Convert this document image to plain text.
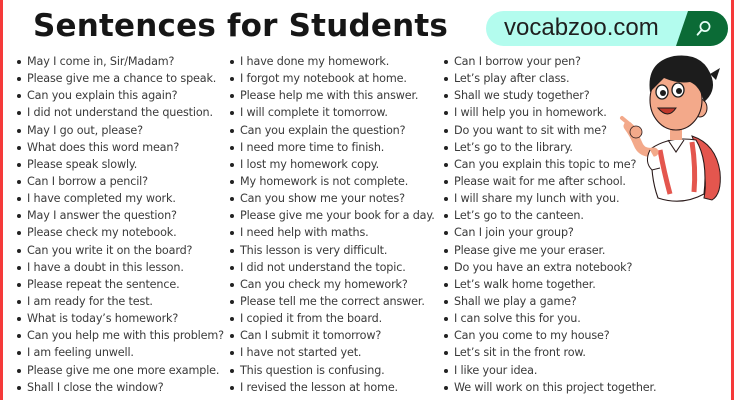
Sentences for Students vocabzoo.com
May I come in, Sir/Madam?
Please give me a chance to speak.
Can you explain this again?
I did not understand the question.
May I go out, please?
What does this word mean?
Please speak slowly.
Can I borrow a pencil?
I have completed my work.
May I answer the question?
Please check my notebook.
Can you write it on the board?
I have a doubt in this lesson.
Please repeat the sentence.
I am ready for the test.
What is today’s homework?
Can you help me with this problem?
I am feeling unwell.
Please give me one more example.
Shall I close the window?
I have done my homework.
I forgot my notebook at home.
Please help me with this answer.
I will complete it tomorrow.
Can you explain the question?
I need more time to finish.
I lost my homework copy.
My homework is not complete.
Can you show me your notes?
Please give me your book for a day.
I need help with maths.
This lesson is very difficult.
I did not understand the topic.
Can you check my homework?
Please tell me the correct answer.
I copied it from the board.
Can I submit it tomorrow?
I have not started yet.
This question is confusing.
I revised the lesson at home.
Can I borrow your pen?
Let’s play after class.
Shall we study together?
I will help you in homework.
Do you want to sit with me?
Let’s go to the library.
Can you explain this topic to me?
Please wait for me after school.
I will share my lunch with you.
Let’s go to the canteen.
Can I join your group?
Please give me your eraser.
Do you have an extra notebook?
Let’s walk home together.
Shall we play a game?
I can solve this for you.
Can you come to my house?
Let’s sit in the front row.
I like your idea.
We will work on this project together.
